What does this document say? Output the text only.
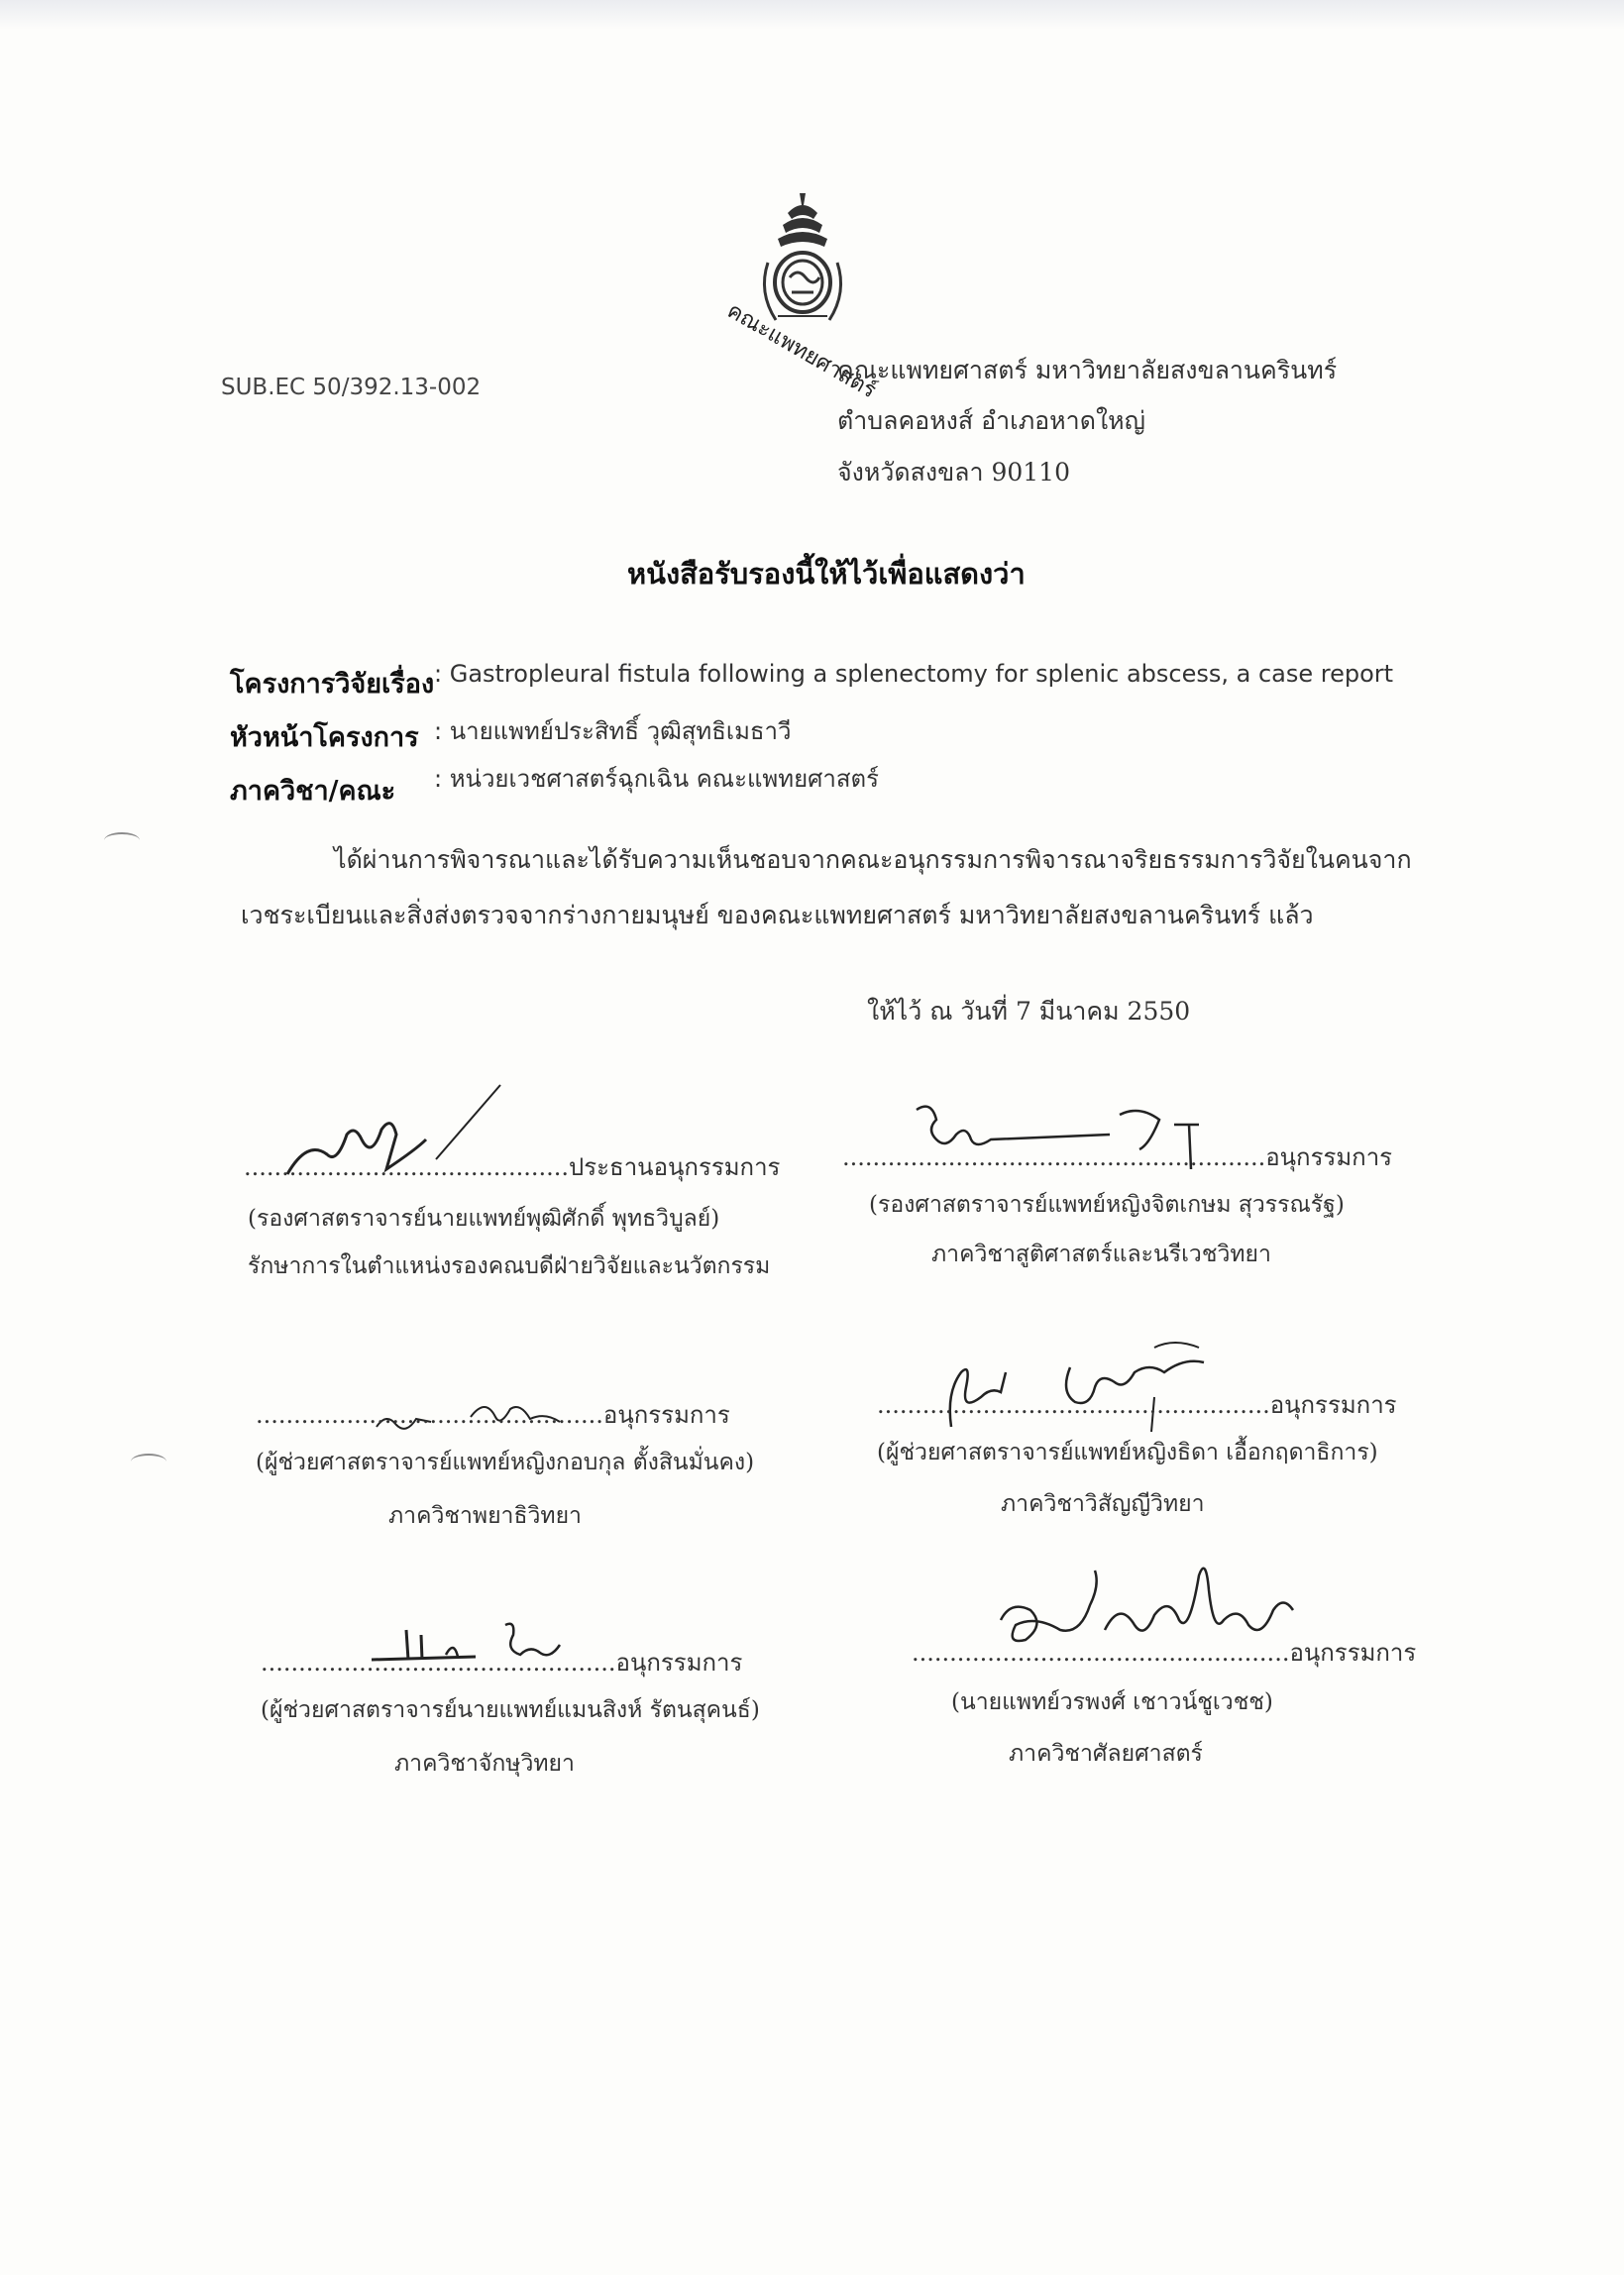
คณะแพทยศาสตร์
SUB.EC 50/392.13-002
คณะแพทยศาสตร์ มหาวิทยาลัยสงขลานครินทร์
ตำบลคอหงส์ อำเภอหาดใหญ่
จังหวัดสงขลา 90110
หนังสือรับรองนี้ให้ไว้เพื่อแสดงว่า
โครงการวิจัยเรื่อง : Gastropleural fistula following a splenectomy for splenic abscess, a case report
หัวหน้าโครงการ : นายแพทย์ประสิทธิ์ วุฒิสุทธิเมธาวี
ภาควิชา/คณะ : หน่วยเวชศาสตร์ฉุกเฉิน คณะแพทยศาสตร์
ได้ผ่านการพิจารณาและได้รับความเห็นชอบจากคณะอนุกรรมการพิจารณาจริยธรรมการวิจัยในคนจาก
เวชระเบียนและสิ่งส่งตรวจจากร่างกายมนุษย์ ของคณะแพทยศาสตร์ มหาวิทยาลัยสงขลานครินทร์ แล้ว
ให้ไว้ ณ วันที่ 7 มีนาคม 2550
...........................................ประธานอนุกรรมการ
(รองศาสตราจารย์นายแพทย์พุฒิศักดิ์ พุทธวิบูลย์)
รักษาการในตำแหน่งรองคณบดีฝ่ายวิจัยและนวัตกรรม
........................................................อนุกรรมการ
(รองศาสตราจารย์แพทย์หญิงจิตเกษม สุวรรณรัฐ)
ภาควิชาสูติศาสตร์และนรีเวชวิทยา
..............................................อนุกรรมการ
(ผู้ช่วยศาสตราจารย์แพทย์หญิงกอบกุล ตั้งสินมั่นคง)
ภาควิชาพยาธิวิทยา
....................................................อนุกรรมการ
(ผู้ช่วยศาสตราจารย์แพทย์หญิงธิดา เอื้อกฤดาธิการ)
ภาควิชาวิสัญญีวิทยา
...............................................อนุกรรมการ
(ผู้ช่วยศาสตราจารย์นายแพทย์แมนสิงห์ รัตนสุคนธ์)
ภาควิชาจักษุวิทยา
..................................................อนุกรรมการ
(นายแพทย์วรพงศ์ เชาวน์ชูเวชช)
ภาควิชาศัลยศาสตร์
